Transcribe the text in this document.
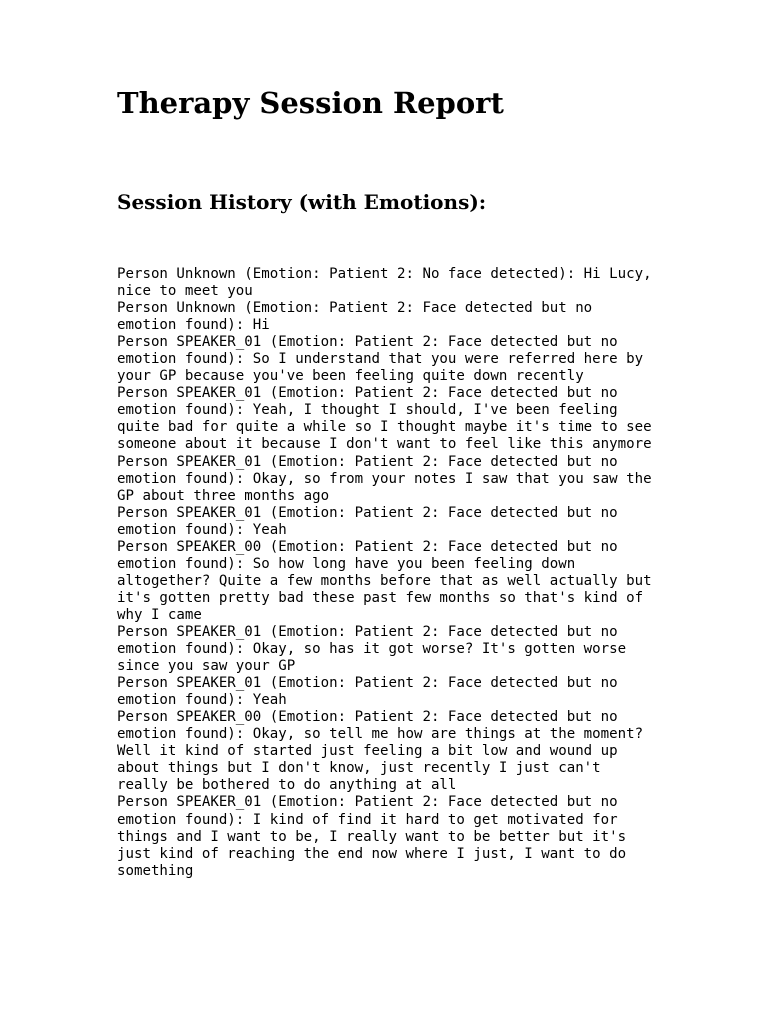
Therapy Session Report
Session History (with Emotions):
Person Unknown (Emotion: Patient 2: No face detected): Hi Lucy, nice to meet you
Person Unknown (Emotion: Patient 2: Face detected but no emotion found): Hi
Person SPEAKER_01 (Emotion: Patient 2: Face detected but no emotion found): So I understand that you were referred here by your GP because you've been feeling quite down recently
Person SPEAKER_01 (Emotion: Patient 2: Face detected but no emotion found): Yeah, I thought I should, I've been feeling quite bad for quite a while so I thought maybe it's time to see someone about it because I don't want to feel like this anymore
Person SPEAKER_01 (Emotion: Patient 2: Face detected but no emotion found): Okay, so from your notes I saw that you saw the GP about three months ago
Person SPEAKER_01 (Emotion: Patient 2: Face detected but no emotion found): Yeah
Person SPEAKER_00 (Emotion: Patient 2: Face detected but no emotion found): So how long have you been feeling down altogether? Quite a few months before that as well actually but it's gotten pretty bad these past few months so that's kind of why I came
Person SPEAKER_01 (Emotion: Patient 2: Face detected but no emotion found): Okay, so has it got worse? It's gotten worse since you saw your GP
Person SPEAKER_01 (Emotion: Patient 2: Face detected but no emotion found): Yeah
Person SPEAKER_00 (Emotion: Patient 2: Face detected but no emotion found): Okay, so tell me how are things at the moment? Well it kind of started just feeling a bit low and wound up about things but I don't know, just recently I just can't really be bothered to do anything at all
Person SPEAKER_01 (Emotion: Patient 2: Face detected but no emotion found): I kind of find it hard to get motivated for things and I want to be, I really want to be better but it's just kind of reaching the end now where I just, I want to do something
